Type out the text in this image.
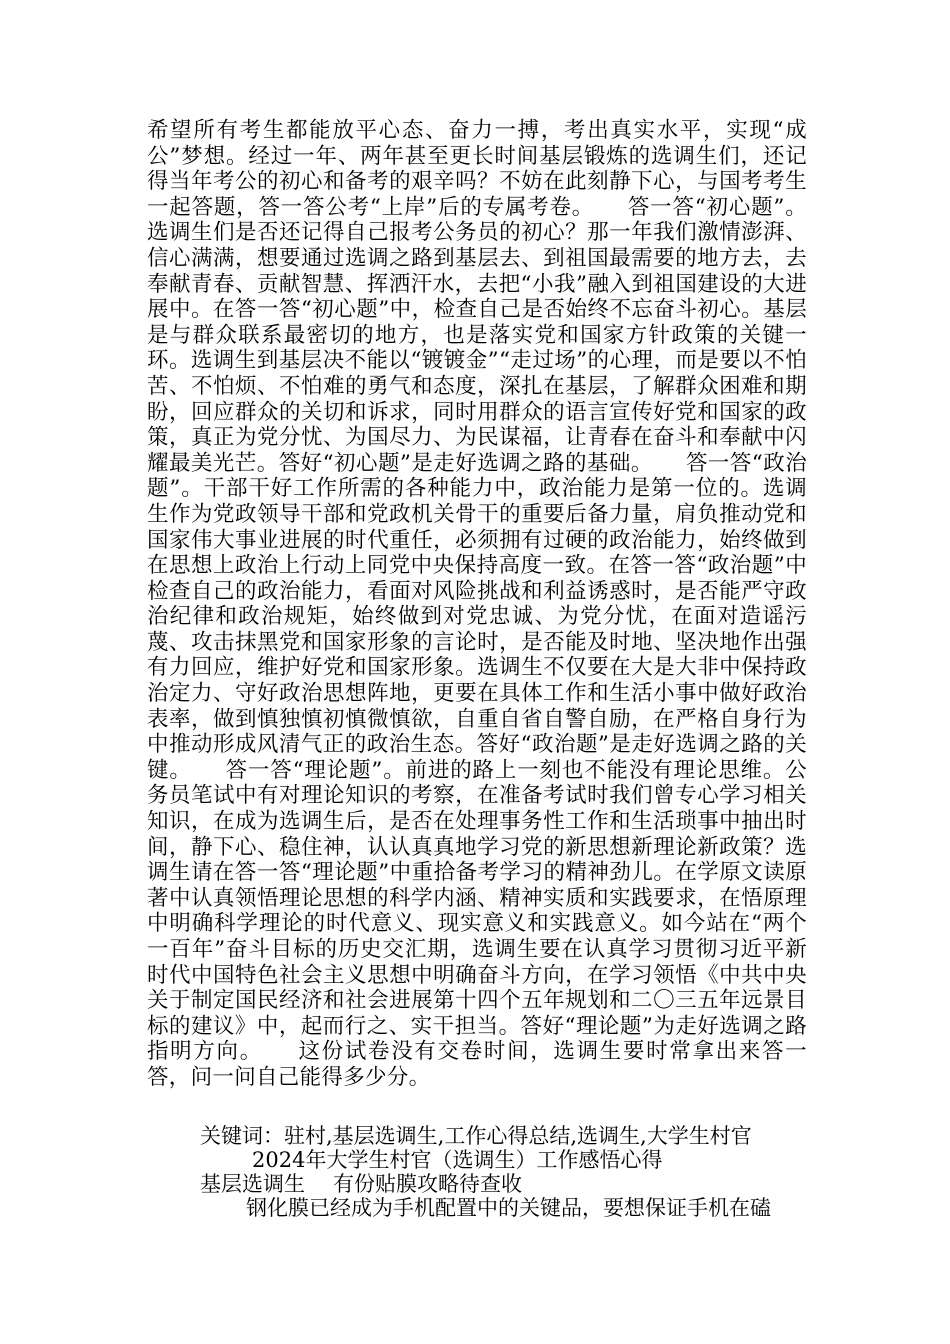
希望所有考生都能放平心态、奋力一搏，考出真实水平，实现“成公”梦想。经过一年、两年甚至更长时间基层锻炼的选调生们，还记得当年考公的初心和备考的艰辛吗？不妨在此刻静下心，与国考考生一起答题，答一答公考“上岸”后的专属考卷。　　答一答“初心题”。选调生们是否还记得自己报考公务员的初心？那一年我们激情澎湃、信心满满，想要通过选调之路到基层去、到祖国最需要的地方去，去奉献青春、贡献智慧、挥洒汗水，去把“小我”融入到祖国建设的大进展中。在答一答“初心题”中，检查自己是否始终不忘奋斗初心。基层是与群众联系最密切的地方，也是落实党和国家方针政策的关键一环。选调生到基层决不能以“镀镀金”“走过场”的心理，而是要以不怕苦、不怕烦、不怕难的勇气和态度，深扎在基层，了解群众困难和期盼，回应群众的关切和诉求，同时用群众的语言宣传好党和国家的政策，真正为党分忧、为国尽力、为民谋福，让青春在奋斗和奉献中闪耀最美光芒。答好“初心题”是走好选调之路的基础。　　答一答“政治题”。干部干好工作所需的各种能力中，政治能力是第一位的。选调生作为党政领导干部和党政机关骨干的重要后备力量，肩负推动党和国家伟大事业进展的时代重任，必须拥有过硬的政治能力，始终做到在思想上政治上行动上同党中央保持高度一致。在答一答“政治题”中检查自己的政治能力，看面对风险挑战和利益诱惑时，是否能严守政治纪律和政治规矩，始终做到对党忠诚、为党分忧，在面对造谣污蔑、攻击抹黑党和国家形象的言论时，是否能及时地、坚决地作出强有力回应，维护好党和国家形象。选调生不仅要在大是大非中保持政治定力、守好政治思想阵地，更要在具体工作和生活小事中做好政治表率，做到慎独慎初慎微慎欲，自重自省自警自励，在严格自身行为中推动形成风清气正的政治生态。答好“政治题”是走好选调之路的关键。　　答一答“理论题”。前进的路上一刻也不能没有理论思维。公务员笔试中有对理论知识的考察，在准备考试时我们曾专心学习相关知识，在成为选调生后，是否在处理事务性工作和生活琐事中抽出时间，静下心、稳住神，认认真真地学习党的新思想新理论新政策？选调生请在答一答“理论题”中重拾备考学习的精神劲儿。在学原文读原著中认真领悟理论思想的科学内涵、精神实质和实践要求，在悟原理中明确科学理论的时代意义、现实意义和实践意义。如今站在“两个一百年”奋斗目标的历史交汇期，选调生要在认真学习贯彻习近平新时代中国特色社会主义思想中明确奋斗方向，在学习领悟《中共中央关于制定国民经济和社会进展第十四个五年规划和二〇三五年远景目标的建议》中，起而行之、实干担当。答好“理论题”为走好选调之路指明方向。　　这份试卷没有交卷时间，选调生要时常拿出来答一答，问一问自己能得多少分。

关键词：驻村,基层选调生,工作心得总结,选调生,大学生村官

2024年大学生村官（选调生）工作感悟心得

基层选调生 有份贴膜攻略待查收

钢化膜已经成为手机配置中的关键品，要想保证手机在磕
